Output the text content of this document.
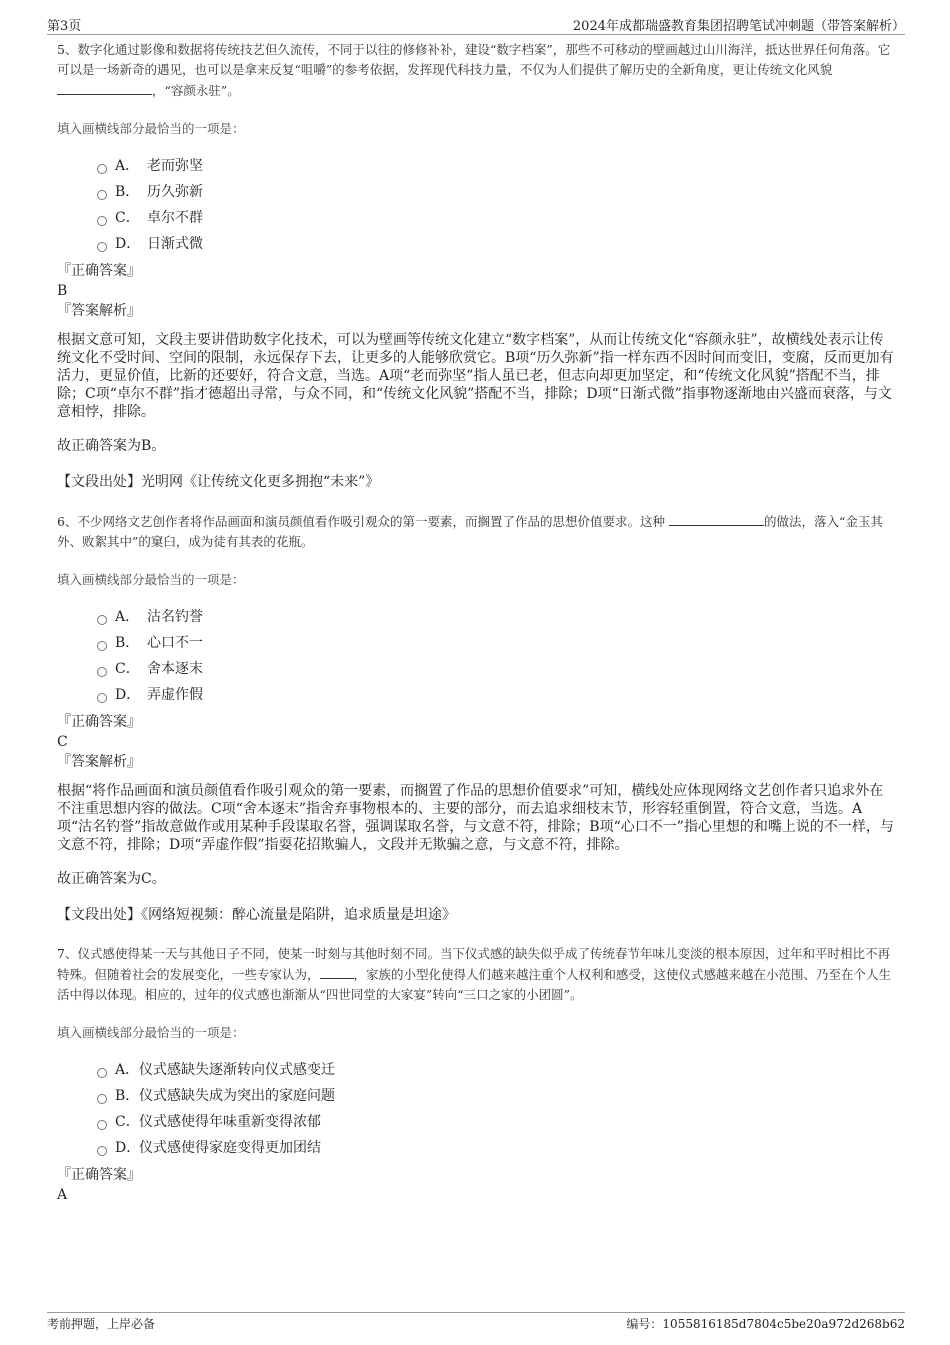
第3页	2024年成都瑞盛教育集团招聘笔试冲刺题（带答案解析）

5、数字化通过影像和数据将传统技艺但久流传，不同于以往的修修补补，建设“数字档案”，那些不可移动的壁画越过山川海洋，抵达世界任何角落。它可以是一场新奇的遇见，也可以是拿来反复“咀嚼”的参考依据，发挥现代科技力量，不仅为人们提供了解历史的全新角度，更让传统文化风貌 ，“容颜永驻”。

填入画横线部分最恰当的一项是：

A． 老而弥坚
B． 历久弥新
C． 卓尔不群
D． 日渐式微

『正确答案』

B

『答案解析』

根据文意可知，文段主要讲借助数字化技术，可以为壁画等传统文化建立“数字档案”，从而让传统文化“容颜永驻”，故横线处表示让传统文化不受时间、空间的限制，永远保存下去，让更多的人能够欣赏它。B项“历久弥新”指一样东西不因时间而变旧，变腐，反而更加有活力，更显价值，比新的还要好，符合文意，当选。A项“老而弥坚”指人虽已老，但志向却更加坚定，和“传统文化风貌”搭配不当，排除；C项“卓尔不群”指才德超出寻常，与众不同，和“传统文化风貌”搭配不当，排除；D项“日渐式微”指事物逐渐地由兴盛而衰落，与文意相悖，排除。

故正确答案为B。

【文段出处】光明网《让传统文化更多拥抱“未来”》

6、不少网络文艺创作者将作品画面和演员颜值看作吸引观众的第一要素，而搁置了作品的思想价值要求。这种	的做法，落入“金玉其外、败絮其中”的窠臼，成为徒有其表的花瓶。

填入画横线部分最恰当的一项是：

A． 沽名钓誉
B． 心口不一
C． 舍本逐末
D． 弄虚作假

『正确答案』

C

『答案解析』

根据“将作品画面和演员颜值看作吸引观众的第一要素，而搁置了作品的思想价值要求”可知，横线处应体现网络文艺创作者只追求外在不注重思想内容的做法。C项“舍本逐末”指舍弃事物根本的、主要的部分，而去追求细枝末节，形容轻重倒置，符合文意，当选。A项“沽名钓誉”指故意做作或用某种手段谋取名誉，强调谋取名誉，与文意不符，排除；B项“心口不一”指心里想的和嘴上说的不一样，与文意不符，排除；D项“弄虚作假”指耍花招欺骗人，文段并无欺骗之意，与文意不符，排除。

故正确答案为C。

【文段出处】《网络短视频：醉心流量是陷阱，追求质量是坦途》

7、仪式感使得某一天与其他日子不同，使某一时刻与其他时刻不同。当下仪式感的缺失似乎成了传统春节年味儿变淡的根本原因，过年和平时相比不再特殊。但随着社会的发展变化，一些专家认为，	，家族的小型化使得人们越来越注重个人权利和感受，这使仪式感越来越在小范围、乃至在个人生活中得以体现。相应的，过年的仪式感也渐渐从“四世同堂的大家宴”转向“三口之家的小团圆”。

填入画横线部分最恰当的一项是：

A．仪式感缺失逐渐转向仪式感变迁
B．仪式感缺失成为突出的家庭问题
C．仪式感使得年味重新变得浓郁
D．仪式感使得家庭变得更加团结

『正确答案』

A

考前押题，上岸必备	编号：1055816185d7804c5be20a972d268b62
